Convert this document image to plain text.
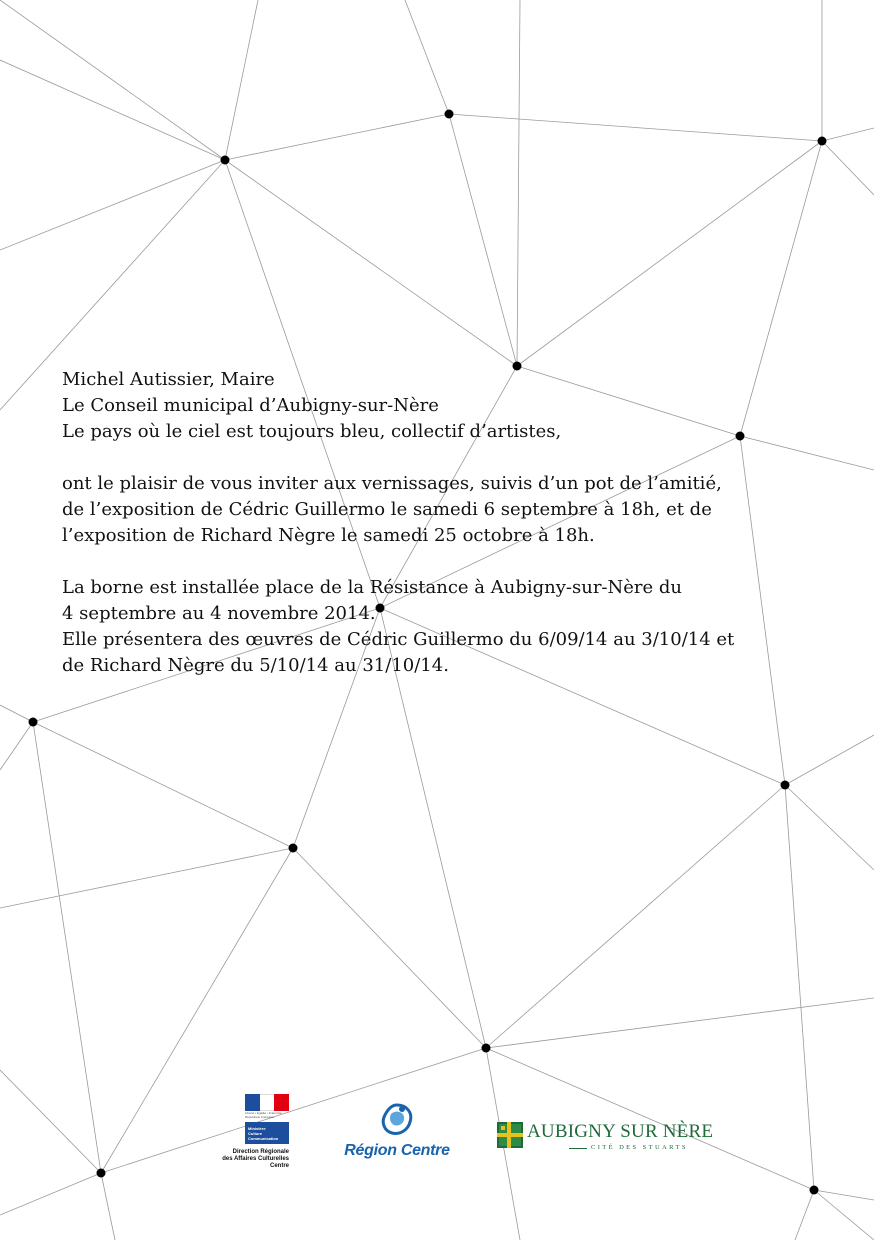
Michel Autissier, Maire
Le Conseil municipal d’Aubigny-sur-Nère
Le pays où le ciel est toujours bleu, collectif d’artistes,

ont le plaisir de vous inviter aux vernissages, suivis d’un pot de l’amitié,
de l’exposition de Cédric Guillermo le samedi 6 septembre à 18h, et de
l’exposition de Richard Nègre le samedi 25 octobre à 18h.

La borne est installée place de la Résistance à Aubigny-sur-Nère du
4 septembre au 4 novembre 2014.
Elle présentera des œuvres de Cédric Guillermo du 6/09/14 au 3/10/14 et
de Richard Nègre du 5/10/14 au 31/10/14.

Liberté • Égalité • Fraternité
République Française
Ministère
Culture
Communication
Direction Régionale
des Affaires Culturelles
Centre
Région Centre
AUBIGNY SUR NÈRE
CITÉ DES STUARTS
